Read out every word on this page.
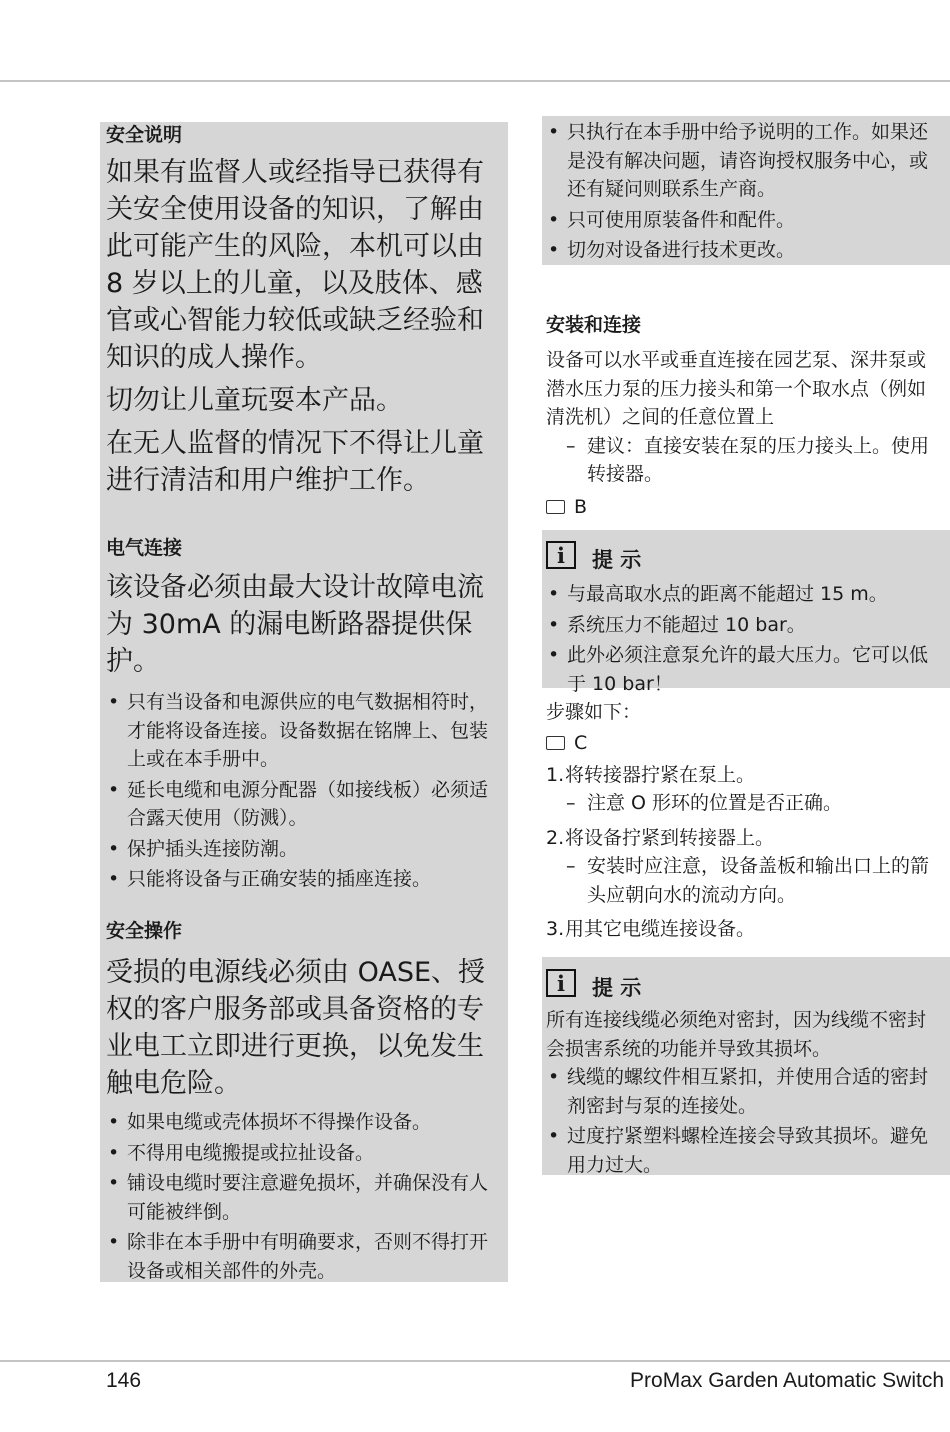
安全说明
如果有监督人或经指导已获得有关安全使用设备的知识，了解由此可能产生的风险，本机可以由 8 岁以上的儿童，以及肢体、感官或心智能力较低或缺乏经验和知识的成人操作。
切勿让儿童玩耍本产品。
在无人监督的情况下不得让儿童进行清洁和用户维护工作。
电气连接
该设备必须由最大设计故障电流为 30mA 的漏电断路器提供保护。
• 只有当设备和电源供应的电气数据相符时，才能将设备连接。设备数据在铭牌上、包装上或在本手册中。
• 延长电缆和电源分配器（如接线板）必须适合露天使用（防溅）。
• 保护插头连接防潮。
• 只能将设备与正确安装的插座连接。
安全操作
受损的电源线必须由 OASE、授权的客户服务部或具备资格的专业电工立即进行更换，以免发生触电危险。
• 如果电缆或壳体损坏不得操作设备。
• 不得用电缆搬提或拉扯设备。
• 铺设电缆时要注意避免损坏，并确保没有人可能被绊倒。
• 除非在本手册中有明确要求，否则不得打开设备或相关部件的外壳。
• 只执行在本手册中给予说明的工作。如果还是没有解决问题，请咨询授权服务中心，或还有疑问则联系生产商。
• 只可使用原装备件和配件。
• 切勿对设备进行技术更改。
安装和连接
设备可以水平或垂直连接在园艺泵、深井泵或潜水压力泵的压力接头和第一个取水点（例如清洗机）之间的任意位置上
– 建议：直接安装在泵的压力接头上。使用转接器。
B
i	提 示
• 与最高取水点的距离不能超过 15 m。
• 系统压力不能超过 10 bar。
• 此外必须注意泵允许的最大压力。它可以低于 10 bar！
步骤如下：
C
1. 将转接器拧紧在泵上。
– 注意 O 形环的位置是否正确。
2. 将设备拧紧到转接器上。
– 安装时应注意，设备盖板和输出口上的箭头应朝向水的流动方向。
3. 用其它电缆连接设备。
i	提 示
所有连接线缆必须绝对密封，因为线缆不密封会损害系统的功能并导致其损坏。
• 线缆的螺纹件相互紧扣，并使用合适的密封剂密封与泵的连接处。
• 过度拧紧塑料螺栓连接会导致其损坏。避免用力过大。
146	ProMax Garden Automatic Switch
